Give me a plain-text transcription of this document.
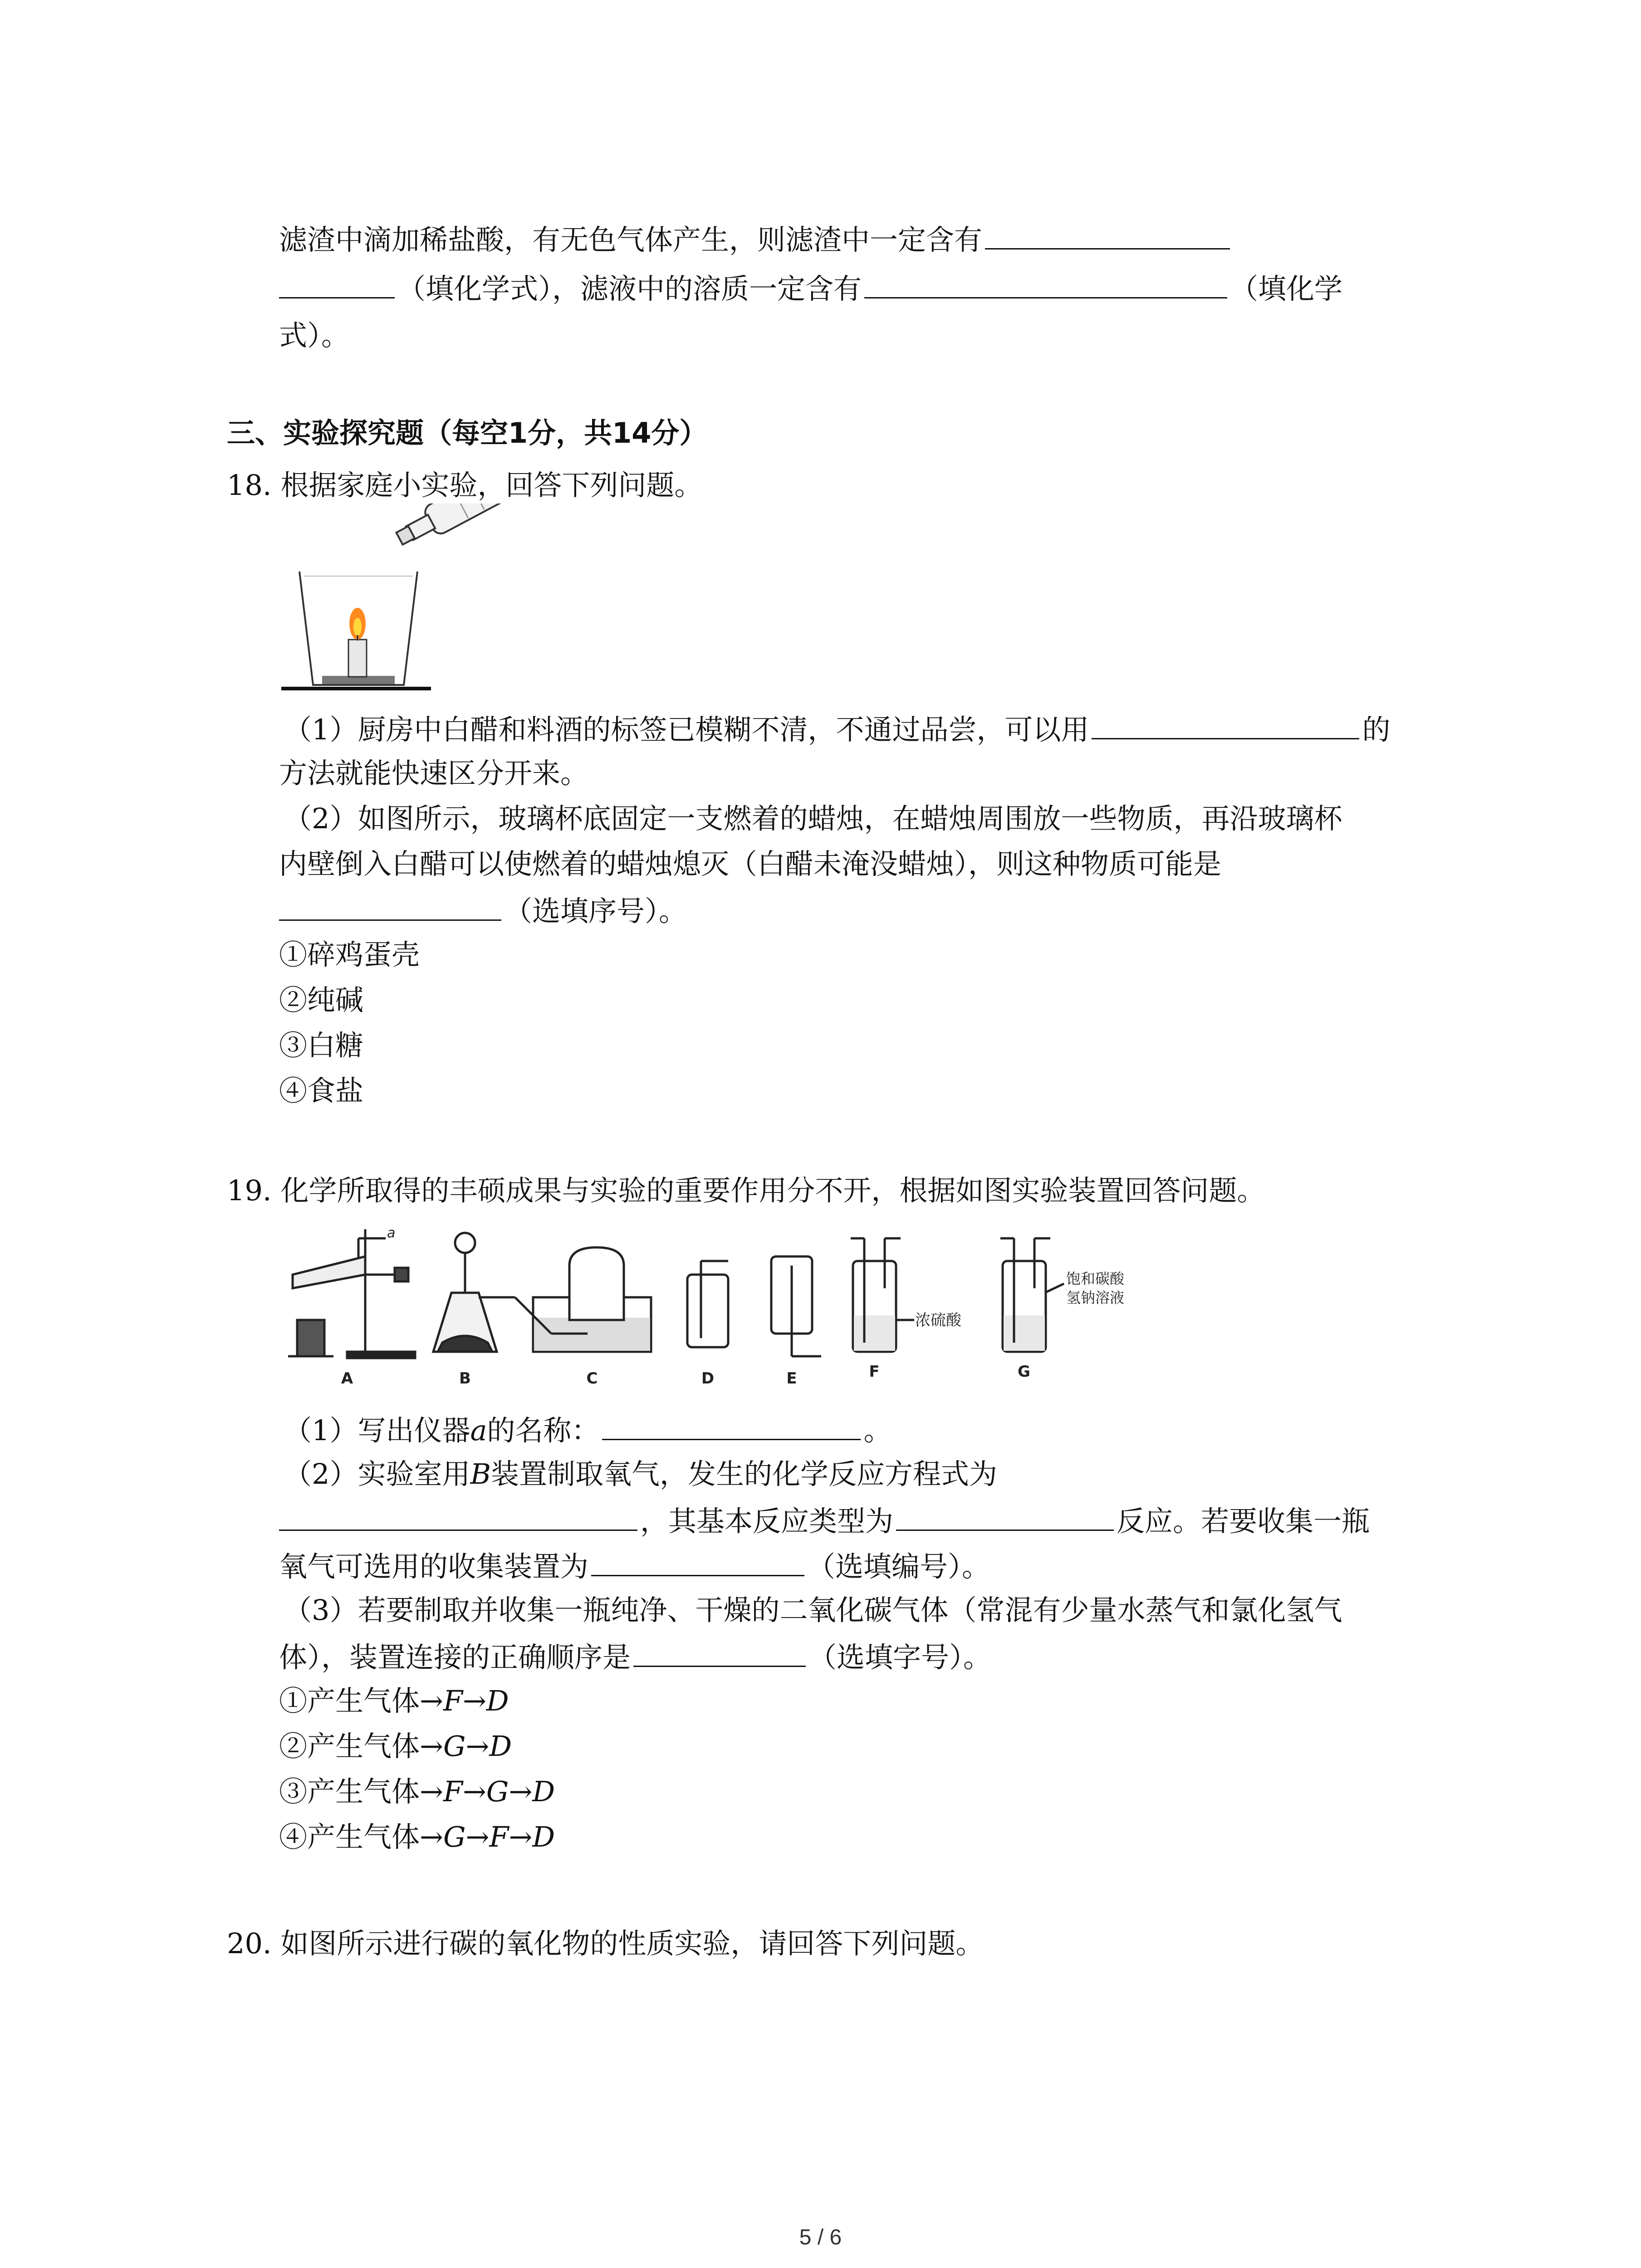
滤渣中滴加稀盐酸，有无色气体产生，则滤渣中一定含有
（填化学式），滤液中的溶质一定含有	（填化学
式）。
三、实验探究题（每空1分，共14分）
18. 根据家庭小实验，回答下列问题。
（1）厨房中白醋和料酒的标签已模糊不清，不通过品尝，可以用	的
方法就能快速区分开来。
（2）如图所示，玻璃杯底固定一支燃着的蜡烛，在蜡烛周围放一些物质，再沿玻璃杯
内壁倒入白醋可以使燃着的蜡烛熄灭（白醋未淹没蜡烛），则这种物质可能是
（选填序号）。
①碎鸡蛋壳
②纯碱
③白糖
④食盐
19. 化学所取得的丰硕成果与实验的重要作用分不开，根据如图实验装置回答问题。
a
浓硫酸
饱和碳酸
氢钠溶液
A	B	C	D	E	F	G
（1）写出仪器a的名称：	。
（2）实验室用B装置制取氧气，发生的化学反应方程式为
，其基本反应类型为	反应。若要收集一瓶
氧气可选用的收集装置为	（选填编号）。
（3）若要制取并收集一瓶纯净、干燥的二氧化碳气体（常混有少量水蒸气和氯化氢气
体），装置连接的正确顺序是	（选填字号）。
①产生气体→F→D
②产生气体→G→D
③产生气体→F→G→D
④产生气体→G→F→D
20. 如图所示进行碳的氧化物的性质实验，请回答下列问题。
5 / 6
